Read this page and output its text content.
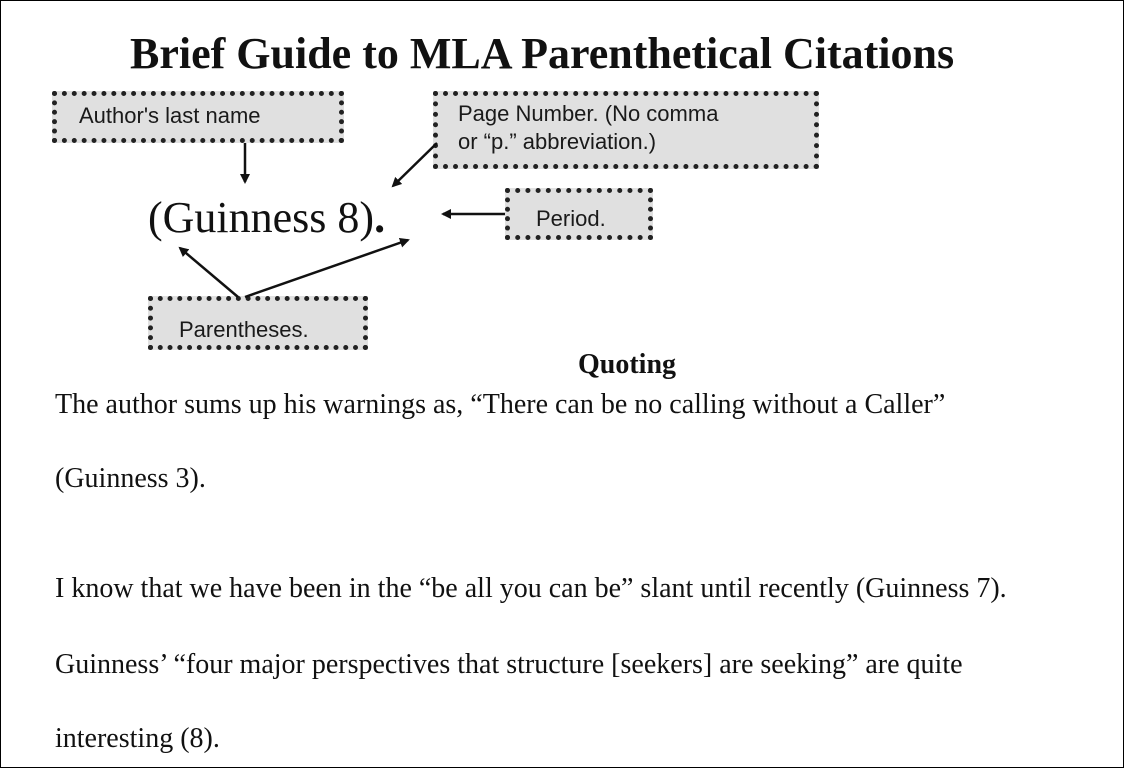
Brief Guide to MLA Parenthetical Citations
Author's last name	Page Number. (No comma
or “p.” abbreviation.)
Period.
Parentheses.
(Guinness 8).
Quoting
The author sums up his warnings as, “There can be no calling without a Caller”
(Guinness 3).
I know that we have been in the “be all you can be” slant until recently (Guinness 7).
Guinness’ “four major perspectives that structure [seekers] are seeking” are quite
interesting (8).
